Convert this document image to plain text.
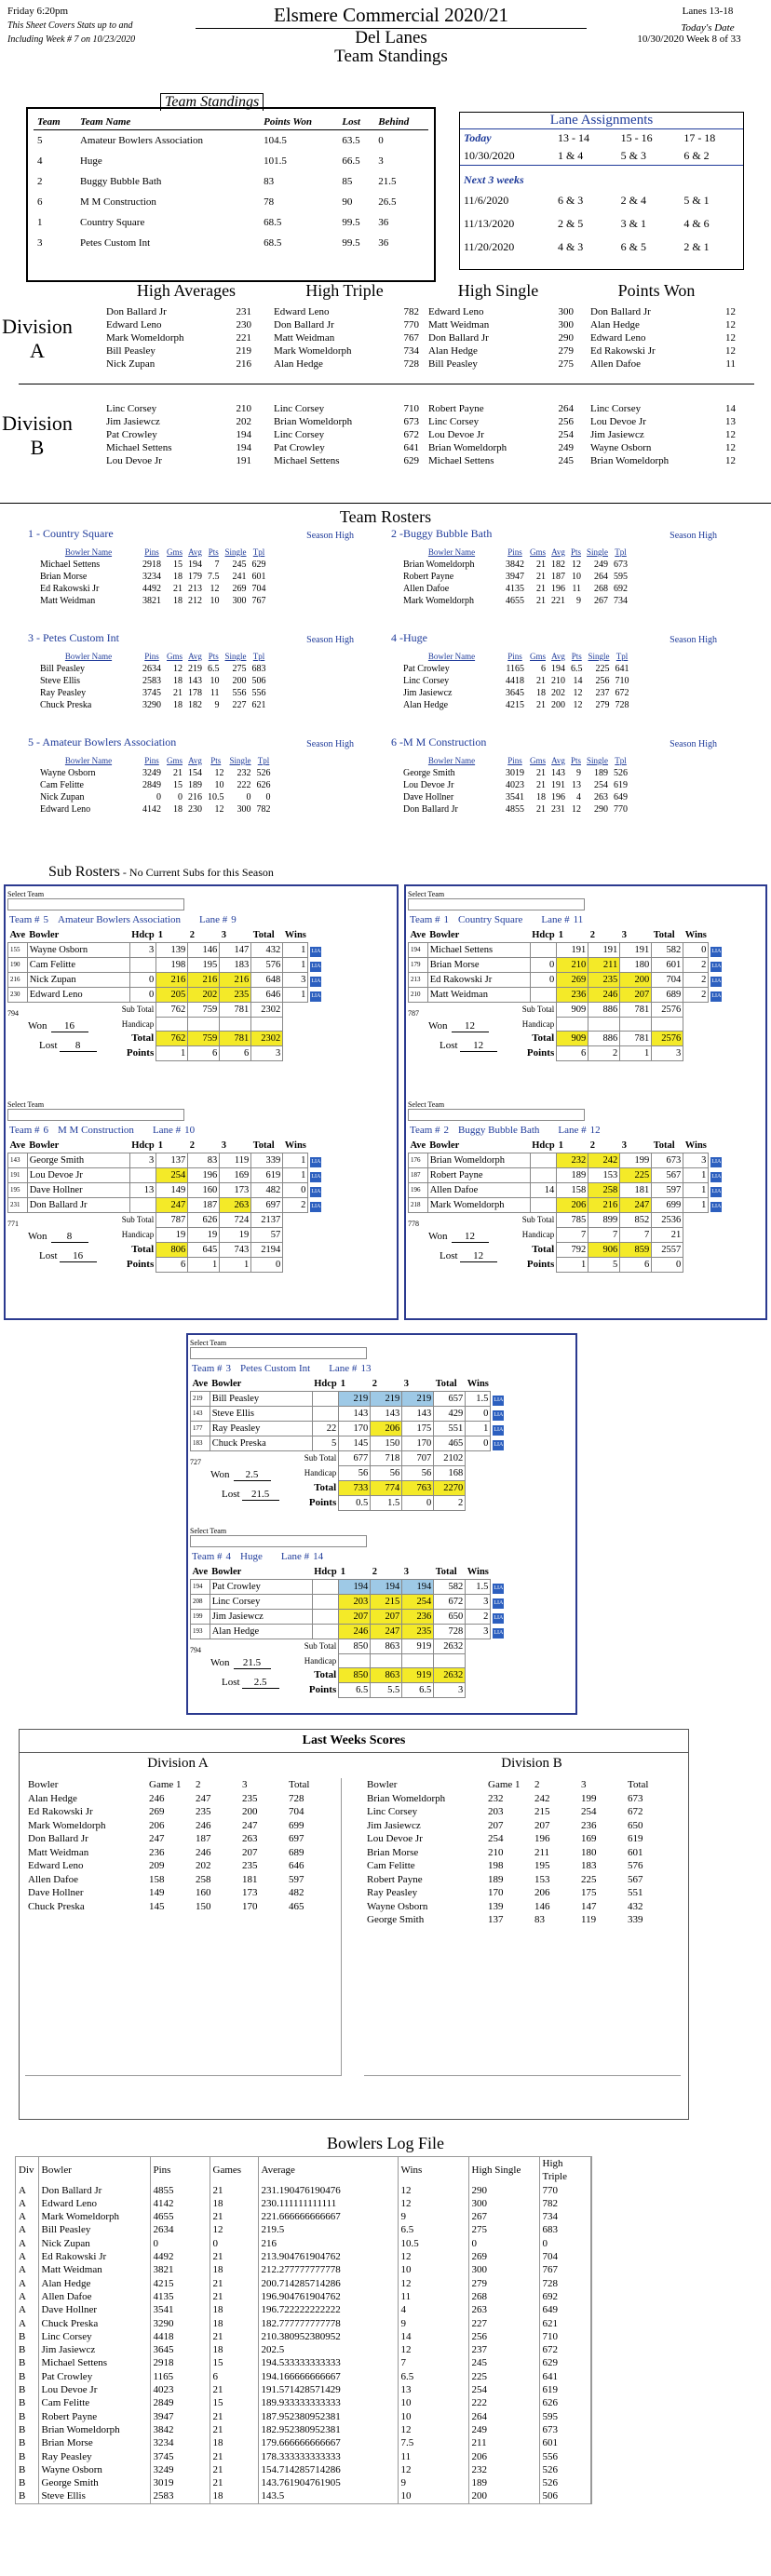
Friday 6:20pm
This Sheet Covers Stats up to and
Including Week # 7 on 10/23/2020
Elsmere Commercial 2020/21
Del Lanes
Team Standings
Lanes 13-18
Today's Date
10/30/2020 Week 8 of 33
Team Standings
Team	Team Name	Points Won	Lost	Behind
5	Amateur Bowlers Association	104.5	63.5	0
4	Huge	101.5	66.5	3
2	Buggy Bubble Bath	83	85	21.5
6	M M Construction	78	90	26.5
1	Country Square	68.5	99.5	36
3	Petes Custom Int	68.5	99.5	36
Lane Assignments
Today	13 - 14	15 - 16	17 - 18
10/30/2020	1 & 4	5 & 3	6 & 2
Next 3 weeks			
11/6/2020	6 & 3	2 & 4	5 & 1
11/13/2020	2 & 5	3 & 1	4 & 6
11/20/2020	4 & 3	6 & 5	2 & 1
High Averages	High Triple	High Single	Points Won
Division
A
Don Ballard Jr	231
Edward Leno	230
Mark Womeldorph	221
Bill Peasley	219
Nick Zupan	216
Edward Leno	782
Don Ballard Jr	770
Matt Weidman	767
Mark Womeldorph	734
Alan Hedge	728
Edward Leno	300
Matt Weidman	300
Don Ballard Jr	290
Alan Hedge	279
Bill Peasley	275
Don Ballard Jr	12
Alan Hedge	12
Edward Leno	12
Ed Rakowski Jr	12
Allen Dafoe	11
Division
B
Linc Corsey	210
Jim Jasiewcz	202
Pat Crowley	194
Michael Settens	194
Lou Devoe Jr	191
Linc Corsey	710
Brian Womeldorph	673
Linc Corsey	672
Pat Crowley	641
Michael Settens	629
Robert Payne	264
Linc Corsey	256
Lou Devoe Jr	254
Brian Womeldorph	249
Michael Settens	245
Linc Corsey	14
Lou Devoe Jr	13
Jim Jasiewcz	12
Wayne Osborn	12
Brian Womeldorph	12
Team Rosters
1 - Country Square	Season High
Bowler Name	Pins	Gms	Avg	Pts	Single	Tpl
Michael Settens	2918	15	194	7	245	629
Brian Morse	3234	18	179	7.5	241	601
Ed Rakowski Jr	4492	21	213	12	269	704
Matt Weidman	3821	18	212	10	300	767
2 -Buggy Bubble Bath	Season High
Bowler Name	Pins	Gms	Avg	Pts	Single	Tpl
Brian Womeldorph	3842	21	182	12	249	673
Robert Payne	3947	21	187	10	264	595
Allen Dafoe	4135	21	196	11	268	692
Mark Womeldorph	4655	21	221	9	267	734
3 - Petes Custom Int	Season High
Bowler Name	Pins	Gms	Avg	Pts	Single	Tpl
Bill Peasley	2634	12	219	6.5	275	683
Steve Ellis	2583	18	143	10	200	506
Ray Peasley	3745	21	178	11	556	556
Chuck Preska	3290	18	182	9	227	621
4 -Huge	Season High
Bowler Name	Pins	Gms	Avg	Pts	Single	Tpl
Pat Crowley	1165	6	194	6.5	225	641
Linc Corsey	4418	21	210	14	256	710
Jim Jasiewcz	3645	18	202	12	237	672
Alan Hedge	4215	21	200	12	279	728
5 - Amateur Bowlers Association	Season High
Bowler Name	Pins	Gms	Avg	Pts	Single	Tpl
Wayne Osborn	3249	21	154	12	232	526
Cam Felitte	2849	15	189	10	222	626
Nick Zupan	0	0	216	10.5	0	0
Edward Leno	4142	18	230	12	300	782
6 -M M Construction	Season High
Bowler Name	Pins	Gms	Avg	Pts	Single	Tpl
George Smith	3019	21	143	9	189	526
Lou Devoe Jr	4023	21	191	13	254	619
Dave Hollner	3541	18	196	4	263	649
Don Ballard Jr	4855	21	231	12	290	770
Sub Rosters - No Current Subs for this Season
Select Team

Team # 5 Amateur Bowlers Association Lane # 9
Ave	Bowler	Hdcp	1	2	3	Total	Wins	
155	Wayne Osborn	3	139	146	147	432	1	LIA
190	Cam Felitte		198	195	183	576	1	LIA
216	Nick Zupan	0	216	216	216	648	3	LIA
230	Edward Leno	0	205	202	235	646	1	LIA
	Sub Total		762	759	781	2302		
	Handicap							
	Total		762	759	781	2302		
	Points		1	6	6	3		
794
Won 16
Lost 8
Select Team

Team # 1 Country Square Lane # 11
Ave	Bowler	Hdcp	1	2	3	Total	Wins	
194	Michael Settens		191	191	191	582	0	LIA
179	Brian Morse	0	210	211	180	601	2	LIA
213	Ed Rakowski Jr	0	269	235	200	704	2	LIA
210	Matt Weidman		236	246	207	689	2	LIA
	Sub Total		909	886	781	2576		
	Handicap							
	Total		909	886	781	2576		
	Points		6	2	1	3		
787
Won 12
Lost 12
Select Team

Team # 6 M M Construction Lane # 10
Ave	Bowler	Hdcp	1	2	3	Total	Wins	
143	George Smith	3	137	83	119	339	1	LIA
191	Lou Devoe Jr		254	196	169	619	1	LIA
195	Dave Hollner	13	149	160	173	482	0	LIA
231	Don Ballard Jr		247	187	263	697	2	LIA
	Sub Total		787	626	724	2137		
	Handicap		19	19	19	57		
	Total		806	645	743	2194		
	Points		6	1	1	0		
771
Won 8
Lost 16
Select Team

Team # 2 Buggy Bubble Bath Lane # 12
Ave	Bowler	Hdcp	1	2	3	Total	Wins	
176	Brian Womeldorph		232	242	199	673	3	LIA
187	Robert Payne		189	153	225	567	1	LIA
196	Allen Dafoe	14	158	258	181	597	1	LIA
218	Mark Womeldorph		206	216	247	699	1	LIA
	Sub Total		785	899	852	2536		
	Handicap		7	7	7	21		
	Total		792	906	859	2557		
	Points		1	5	6	0		
778
Won 12
Lost 12
Select Team

Team # 3 Petes Custom Int Lane # 13
Ave	Bowler	Hdcp	1	2	3	Total	Wins	
219	Bill Peasley		219	219	219	657	1.5	LIA
143	Steve Ellis		143	143	143	429	0	LIA
177	Ray Peasley	22	170	206	175	551	1	LIA
183	Chuck Preska	5	145	150	170	465	0	LIA
	Sub Total		677	718	707	2102		
	Handicap		56	56	56	168		
	Total		733	774	763	2270		
	Points		0.5	1.5	0	2		
727
Won 2.5
Lost 21.5
Select Team

Team # 4 Huge Lane # 14
Ave	Bowler	Hdcp	1	2	3	Total	Wins	
194	Pat Crowley		194	194	194	582	1.5	LIA
208	Linc Corsey		203	215	254	672	3	LIA
199	Jim Jasiewcz		207	207	236	650	2	LIA
193	Alan Hedge		246	247	235	728	3	LIA
	Sub Total		850	863	919	2632		
	Handicap							
	Total		850	863	919	2632		
	Points		6.5	5.5	6.5	3		
794
Won 21.5
Lost 2.5
Last Weeks Scores
Division A	Division B
Bowler	Game 1	2	3	Total
Alan Hedge	246	247	235	728
Ed Rakowski Jr	269	235	200	704
Mark Womeldorph	206	246	247	699
Don Ballard Jr	247	187	263	697
Matt Weidman	236	246	207	689
Edward Leno	209	202	235	646
Allen Dafoe	158	258	181	597
Dave Hollner	149	160	173	482
Chuck Preska	145	150	170	465
Bowler	Game 1	2	3	Total
Brian Womeldorph	232	242	199	673
Linc Corsey	203	215	254	672
Jim Jasiewcz	207	207	236	650
Lou Devoe Jr	254	196	169	619
Brian Morse	210	211	180	601
Cam Felitte	198	195	183	576
Robert Payne	189	153	225	567
Ray Peasley	170	206	175	551
Wayne Osborn	139	146	147	432
George Smith	137	83	119	339
Bowlers Log File
Div	Bowler	Pins	Games	Average	Wins	High Single	High Triple
A	Don Ballard Jr	4855	21	231.190476190476	12	290	770
A	Edward Leno	4142	18	230.111111111111	12	300	782
A	Mark Womeldorph	4655	21	221.666666666667	9	267	734
A	Bill Peasley	2634	12	219.5	6.5	275	683
A	Nick Zupan	0	0	216	10.5	0	0
A	Ed Rakowski Jr	4492	21	213.904761904762	12	269	704
A	Matt Weidman	3821	18	212.277777777778	10	300	767
A	Alan Hedge	4215	21	200.714285714286	12	279	728
A	Allen Dafoe	4135	21	196.904761904762	11	268	692
A	Dave Hollner	3541	18	196.722222222222	4	263	649
A	Chuck Preska	3290	18	182.777777777778	9	227	621
B	Linc Corsey	4418	21	210.380952380952	14	256	710
B	Jim Jasiewcz	3645	18	202.5	12	237	672
B	Michael Settens	2918	15	194.533333333333	7	245	629
B	Pat Crowley	1165	6	194.166666666667	6.5	225	641
B	Lou Devoe Jr	4023	21	191.571428571429	13	254	619
B	Cam Felitte	2849	15	189.933333333333	10	222	626
B	Robert Payne	3947	21	187.952380952381	10	264	595
B	Brian Womeldorph	3842	21	182.952380952381	12	249	673
B	Brian Morse	3234	18	179.666666666667	7.5	211	601
B	Ray Peasley	3745	21	178.333333333333	11	206	556
B	Wayne Osborn	3249	21	154.714285714286	12	232	526
B	George Smith	3019	21	143.761904761905	9	189	526
B	Steve Ellis	2583	18	143.5	10	200	506
